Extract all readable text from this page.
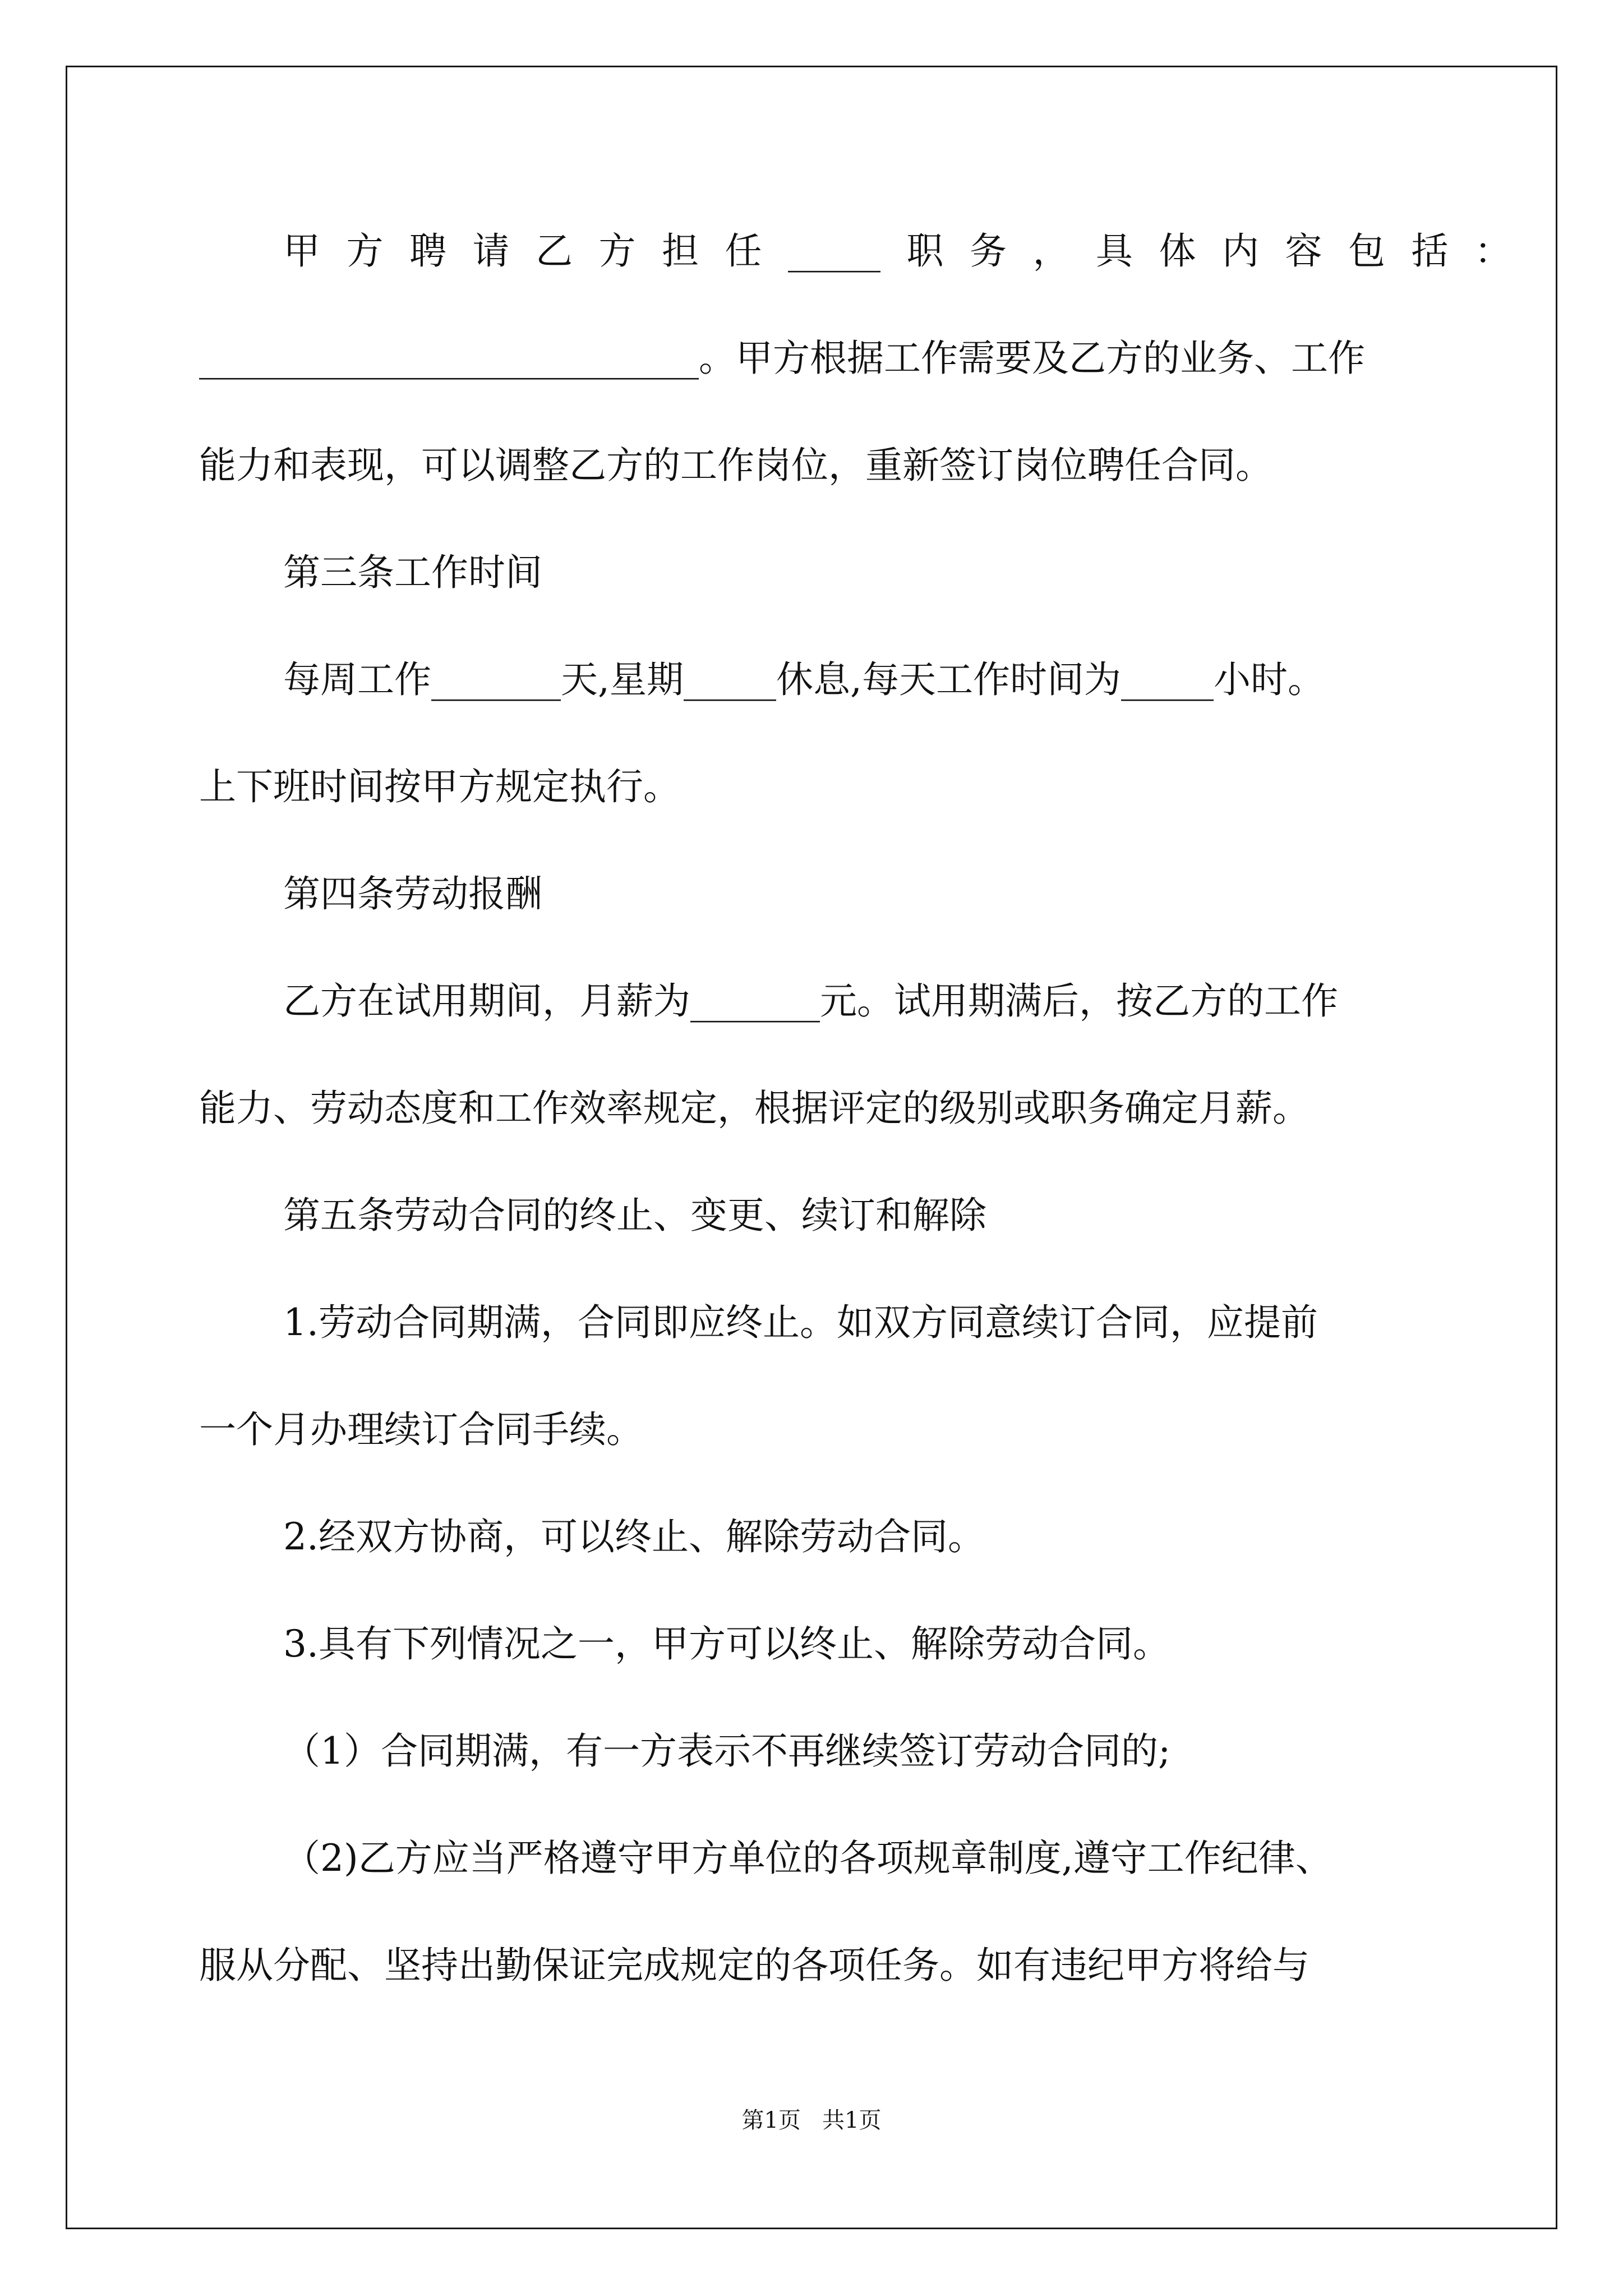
甲 方 聘 请 乙 方 担 任 _____ 职 务 ， 具 体 内 容 包 括 ：
___________________________。甲方根据工作需要及乙方的业务、工作
能力和表现，可以调整乙方的工作岗位，重新签订岗位聘任合同。
第三条工作时间
每周工作_______天,星期_____休息,每天工作时间为_____小时。
上下班时间按甲方规定执行。
第四条劳动报酬
乙方在试用期间，月薪为_______元。试用期满后，按乙方的工作
能力、劳动态度和工作效率规定，根据评定的级别或职务确定月薪。
第五条劳动合同的终止、变更、续订和解除
1.劳动合同期满，合同即应终止。如双方同意续订合同，应提前
一个月办理续订合同手续。
2.经双方协商，可以终止、解除劳动合同。
3.具有下列情况之一，甲方可以终止、解除劳动合同。
（1）合同期满，有一方表示不再继续签订劳动合同的;
（2)乙方应当严格遵守甲方单位的各项规章制度,遵守工作纪律、
服从分配、坚持出勤保证完成规定的各项任务。如有违纪甲方将给与
第1页   共1页
